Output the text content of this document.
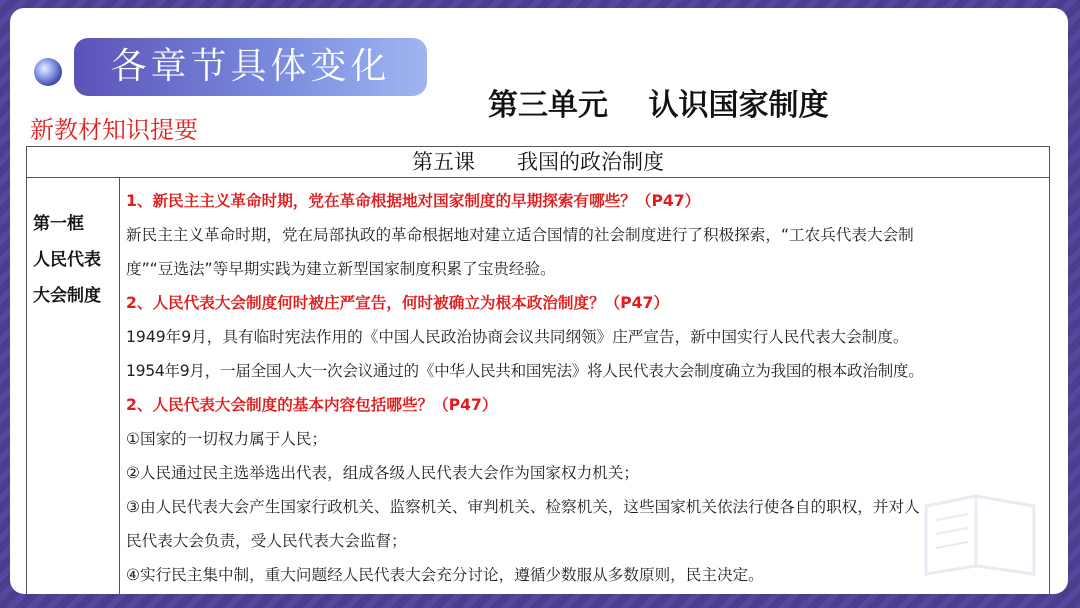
各章节具体变化
第三单元　 认识国家制度
新教材知识提要
第五课　　我国的政治制度

第一框
人民代表
大会制度

1、新民主主义革命时期，党在革命根据地对国家制度的早期探索有哪些？（P47）

新民主主义革命时期，党在局部执政的革命根据地对建立适合国情的社会制度进行了积极探索，“工农兵代表大会制

度”“豆选法”等早期实践为建立新型国家制度积累了宝贵经验。

2、人民代表大会制度何时被庄严宣告，何时被确立为根本政治制度？（P47）

1949年9月，具有临时宪法作用的《中国人民政治协商会议共同纲领》庄严宣告，新中国实行人民代表大会制度。

1954年9月，一届全国人大一次会议通过的《中华人民共和国宪法》将人民代表大会制度确立为我国的根本政治制度。

2、人民代表大会制度的基本内容包括哪些？（P47）

①国家的一切权力属于人民；

②人民通过民主选举选出代表，组成各级人民代表大会作为国家权力机关；

③由人民代表大会产生国家行政机关、监察机关、审判机关、检察机关，这些国家机关依法行使各自的职权，并对人

民代表大会负责，受人民代表大会监督；

④实行民主集中制，重大问题经人民代表大会充分讨论，遵循少数服从多数原则，民主决定。
